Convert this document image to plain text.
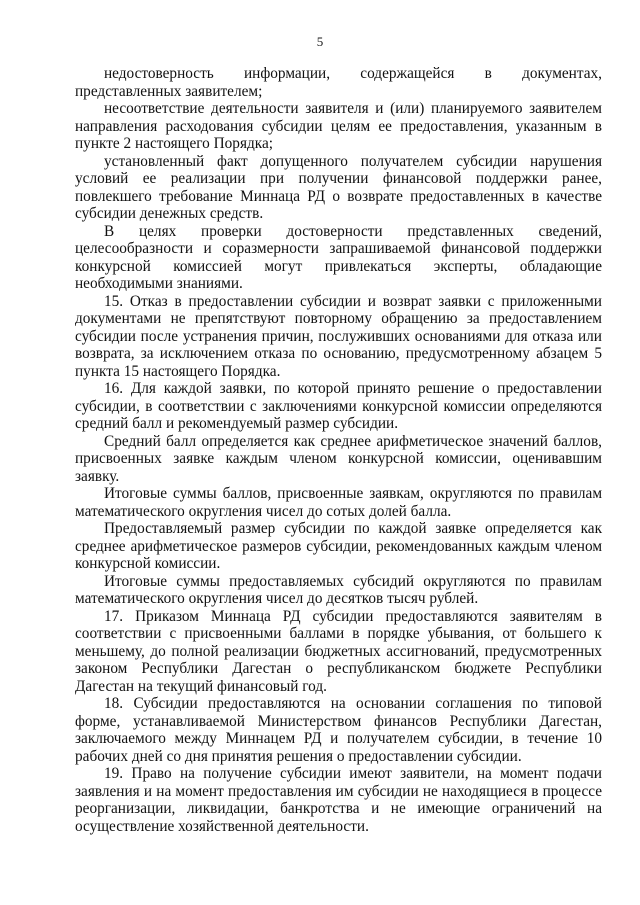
5

недостоверность информации, содержащейся в документах, представленных заявителем;

несоответствие деятельности заявителя и (или) планируемого заявителем направления расходования субсидии целям ее предоставления, указанным в пункте 2 настоящего Порядка;

установленный факт допущенного получателем субсидии нарушения условий ее реализации при получении финансовой поддержки ранее, повлекшего требование Миннаца РД о возврате предоставленных в качестве субсидии денежных средств.

В целях проверки достоверности представленных сведений, целесообразности и соразмерности запрашиваемой финансовой поддержки конкурсной комиссией могут привлекаться эксперты, обладающие необходимыми знаниями.

15. Отказ в предоставлении субсидии и возврат заявки с приложенными документами не препятствуют повторному обращению за предоставлением субсидии после устранения причин, послуживших основаниями для отказа или возврата, за исключением отказа по основанию, предусмотренному абзацем 5 пункта 15 настоящего Порядка.

16. Для каждой заявки, по которой принято решение о предоставлении субсидии, в соответствии с заключениями конкурсной комиссии определяются средний балл и рекомендуемый размер субсидии.

Средний балл определяется как среднее арифметическое значений баллов, присвоенных заявке каждым членом конкурсной комиссии, оценивавшим заявку.

Итоговые суммы баллов, присвоенные заявкам, округляются по правилам математического округления чисел до сотых долей балла.

Предоставляемый размер субсидии по каждой заявке определяется как среднее арифметическое размеров субсидии, рекомендованных каждым членом конкурсной комиссии.

Итоговые суммы предоставляемых субсидий округляются по правилам математического округления чисел до десятков тысяч рублей.

17. Приказом Миннаца РД субсидии предоставляются заявителям в соответствии с присвоенными баллами в порядке убывания, от большего к меньшему, до полной реализации бюджетных ассигнований, предусмотренных законом Республики Дагестан о республиканском бюджете Республики Дагестан на текущий финансовый год.

18. Субсидии предоставляются на основании соглашения по типовой форме, устанавливаемой Министерством финансов Республики Дагестан, заключаемого между Миннацем РД и получателем субсидии, в течение 10 рабочих дней со дня принятия решения о предоставлении субсидии.

19. Право на получение субсидии имеют заявители, на момент подачи заявления и на момент предоставления им субсидии не находящиеся в процессе реорганизации, ликвидации, банкротства и не имеющие ограничений на осуществление хозяйственной деятельности.
